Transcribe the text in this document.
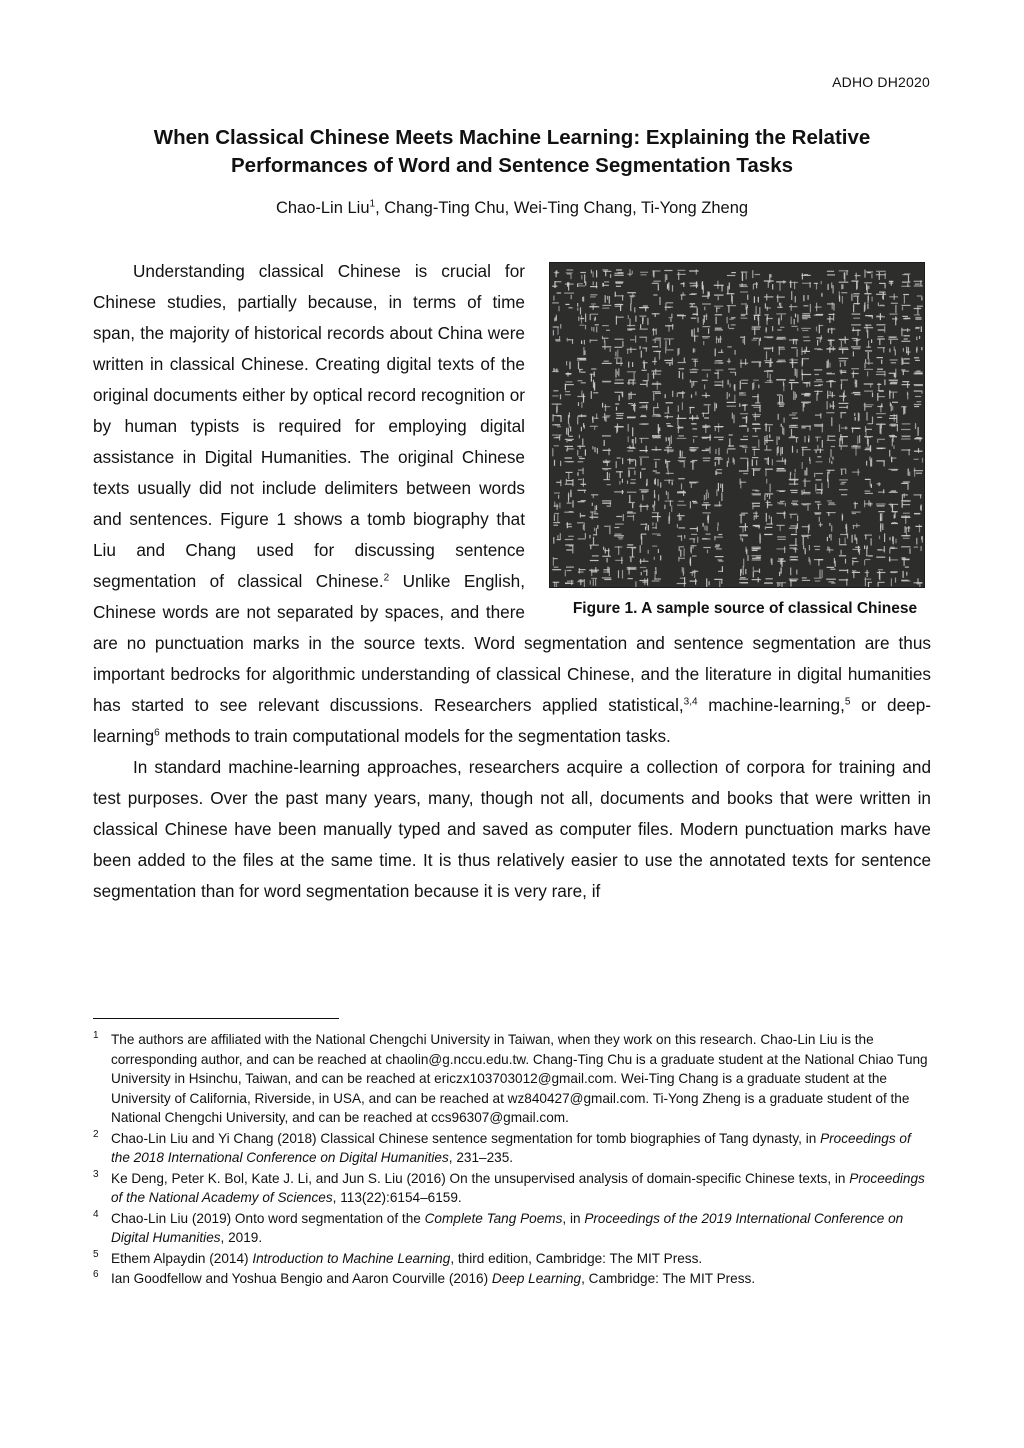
ADHO DH2020
When Classical Chinese Meets Machine Learning: Explaining the Relative
Performances of Word and Sentence Segmentation Tasks
Chao-Lin Liu$^1$, Chang-Ting Chu, Wei-Ting Chang, Ti-Yong Zheng
Figure 1. A sample source of classical Chinese

Understanding classical Chinese is crucial for Chinese studies, partially because, in terms of time span, the majority of historical records about China were written in classical Chinese. Creating digital texts of the original documents either by optical record recognition or by human typists is required for employing digital assistance in Digital Humanities. The original Chinese texts usually did not include delimiters between words and sentences. Figure 1 shows a tomb biography that Liu and Chang used for discussing sentence segmentation of classical Chinese.$^2$ Unlike English, Chinese words are not separated by spaces, and there are no punctuation marks in the source texts. Word segmentation and sentence segmentation are thus important bedrocks for algorithmic understanding of classical Chinese, and the literature in digital humanities has started to see relevant discussions. Researchers applied statistical,$^{3,4}$ machine-learning,$^5$ or deep-learning$^6$ methods to train computational models for the segmentation tasks.

In standard machine-learning approaches, researchers acquire a collection of corpora for training and test purposes. Over the past many years, many, though not all, documents and books that were written in classical Chinese have been manually typed and saved as computer files. Modern punctuation marks have been added to the files at the same time. It is thus relatively easier to use the annotated texts for sentence segmentation than for word segmentation because it is very rare, if

1 The authors are affiliated with the National Chengchi University in Taiwan, when they work on this research. Chao-Lin Liu is the corresponding author, and can be reached at chaolin@g.nccu.edu.tw. Chang-Ting Chu is a graduate student at the National Chiao Tung University in Hsinchu, Taiwan, and can be reached at ericzx103703012@gmail.com. Wei-Ting Chang is a graduate student at the University of California, Riverside, in USA, and can be reached at wz840427@gmail.com. Ti-Yong Zheng is a graduate student of the National Chengchi University, and can be reached at ccs96307@gmail.com.
2 Chao-Lin Liu and Yi Chang (2018) Classical Chinese sentence segmentation for tomb biographies of Tang dynasty, in Proceedings of the 2018 International Conference on Digital Humanities, 231–235.
3 Ke Deng, Peter K. Bol, Kate J. Li, and Jun S. Liu (2016) On the unsupervised analysis of domain-specific Chinese texts, in Proceedings of the National Academy of Sciences, 113(22):6154–6159.
4 Chao-Lin Liu (2019) Onto word segmentation of the Complete Tang Poems, in Proceedings of the 2019 International Conference on Digital Humanities, 2019.
5 Ethem Alpaydin (2014) Introduction to Machine Learning, third edition, Cambridge: The MIT Press.
6 Ian Goodfellow and Yoshua Bengio and Aaron Courville (2016) Deep Learning, Cambridge: The MIT Press.
